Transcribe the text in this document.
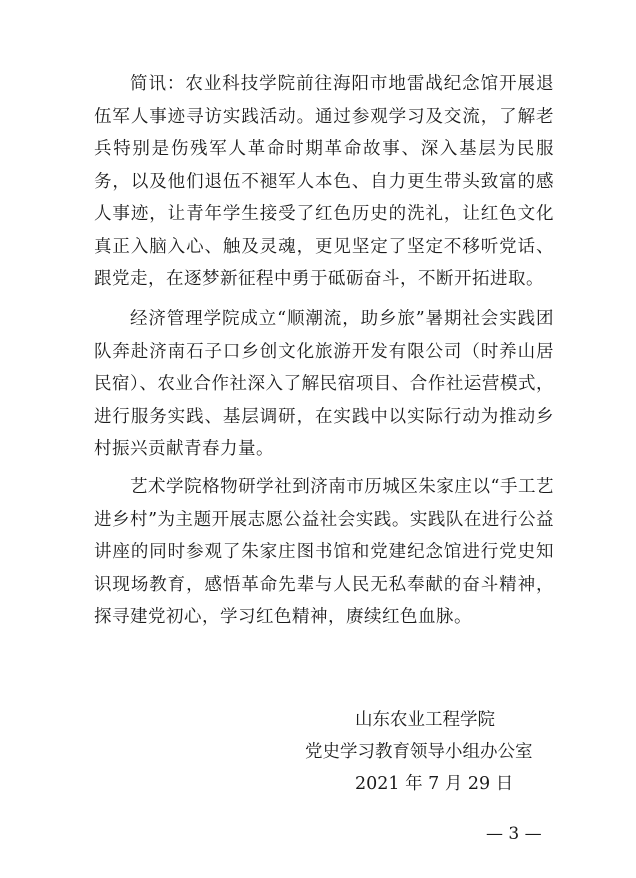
简讯：农业科技学院前往海阳市地雷战纪念馆开展退伍军人事迹寻访实践活动。通过参观学习及交流，了解老兵特别是伤残军人革命时期革命故事、深入基层为民服务，以及他们退伍不褪军人本色、自力更生带头致富的感人事迹，让青年学生接受了红色历史的洗礼，让红色文化真正入脑入心、触及灵魂，更见坚定了坚定不移听党话、跟党走，在逐梦新征程中勇于砥砺奋斗，不断开拓进取。

经济管理学院成立“顺潮流，助乡旅”暑期社会实践团队奔赴济南石子口乡创文化旅游开发有限公司（时养山居民宿）、农业合作社深入了解民宿项目、合作社运营模式，进行服务实践、基层调研，在实践中以实际行动为推动乡村振兴贡献青春力量。

艺术学院格物研学社到济南市历城区朱家庄以“手工艺进乡村”为主题开展志愿公益社会实践。实践队在进行公益讲座的同时参观了朱家庄图书馆和党建纪念馆进行党史知识现场教育，感悟革命先辈与人民无私奉献的奋斗精神，探寻建党初心，学习红色精神，赓续红色血脉。

山东农业工程学院
党史学习教育领导小组办公室
2021 年 7 月 29 日
— 3 —
